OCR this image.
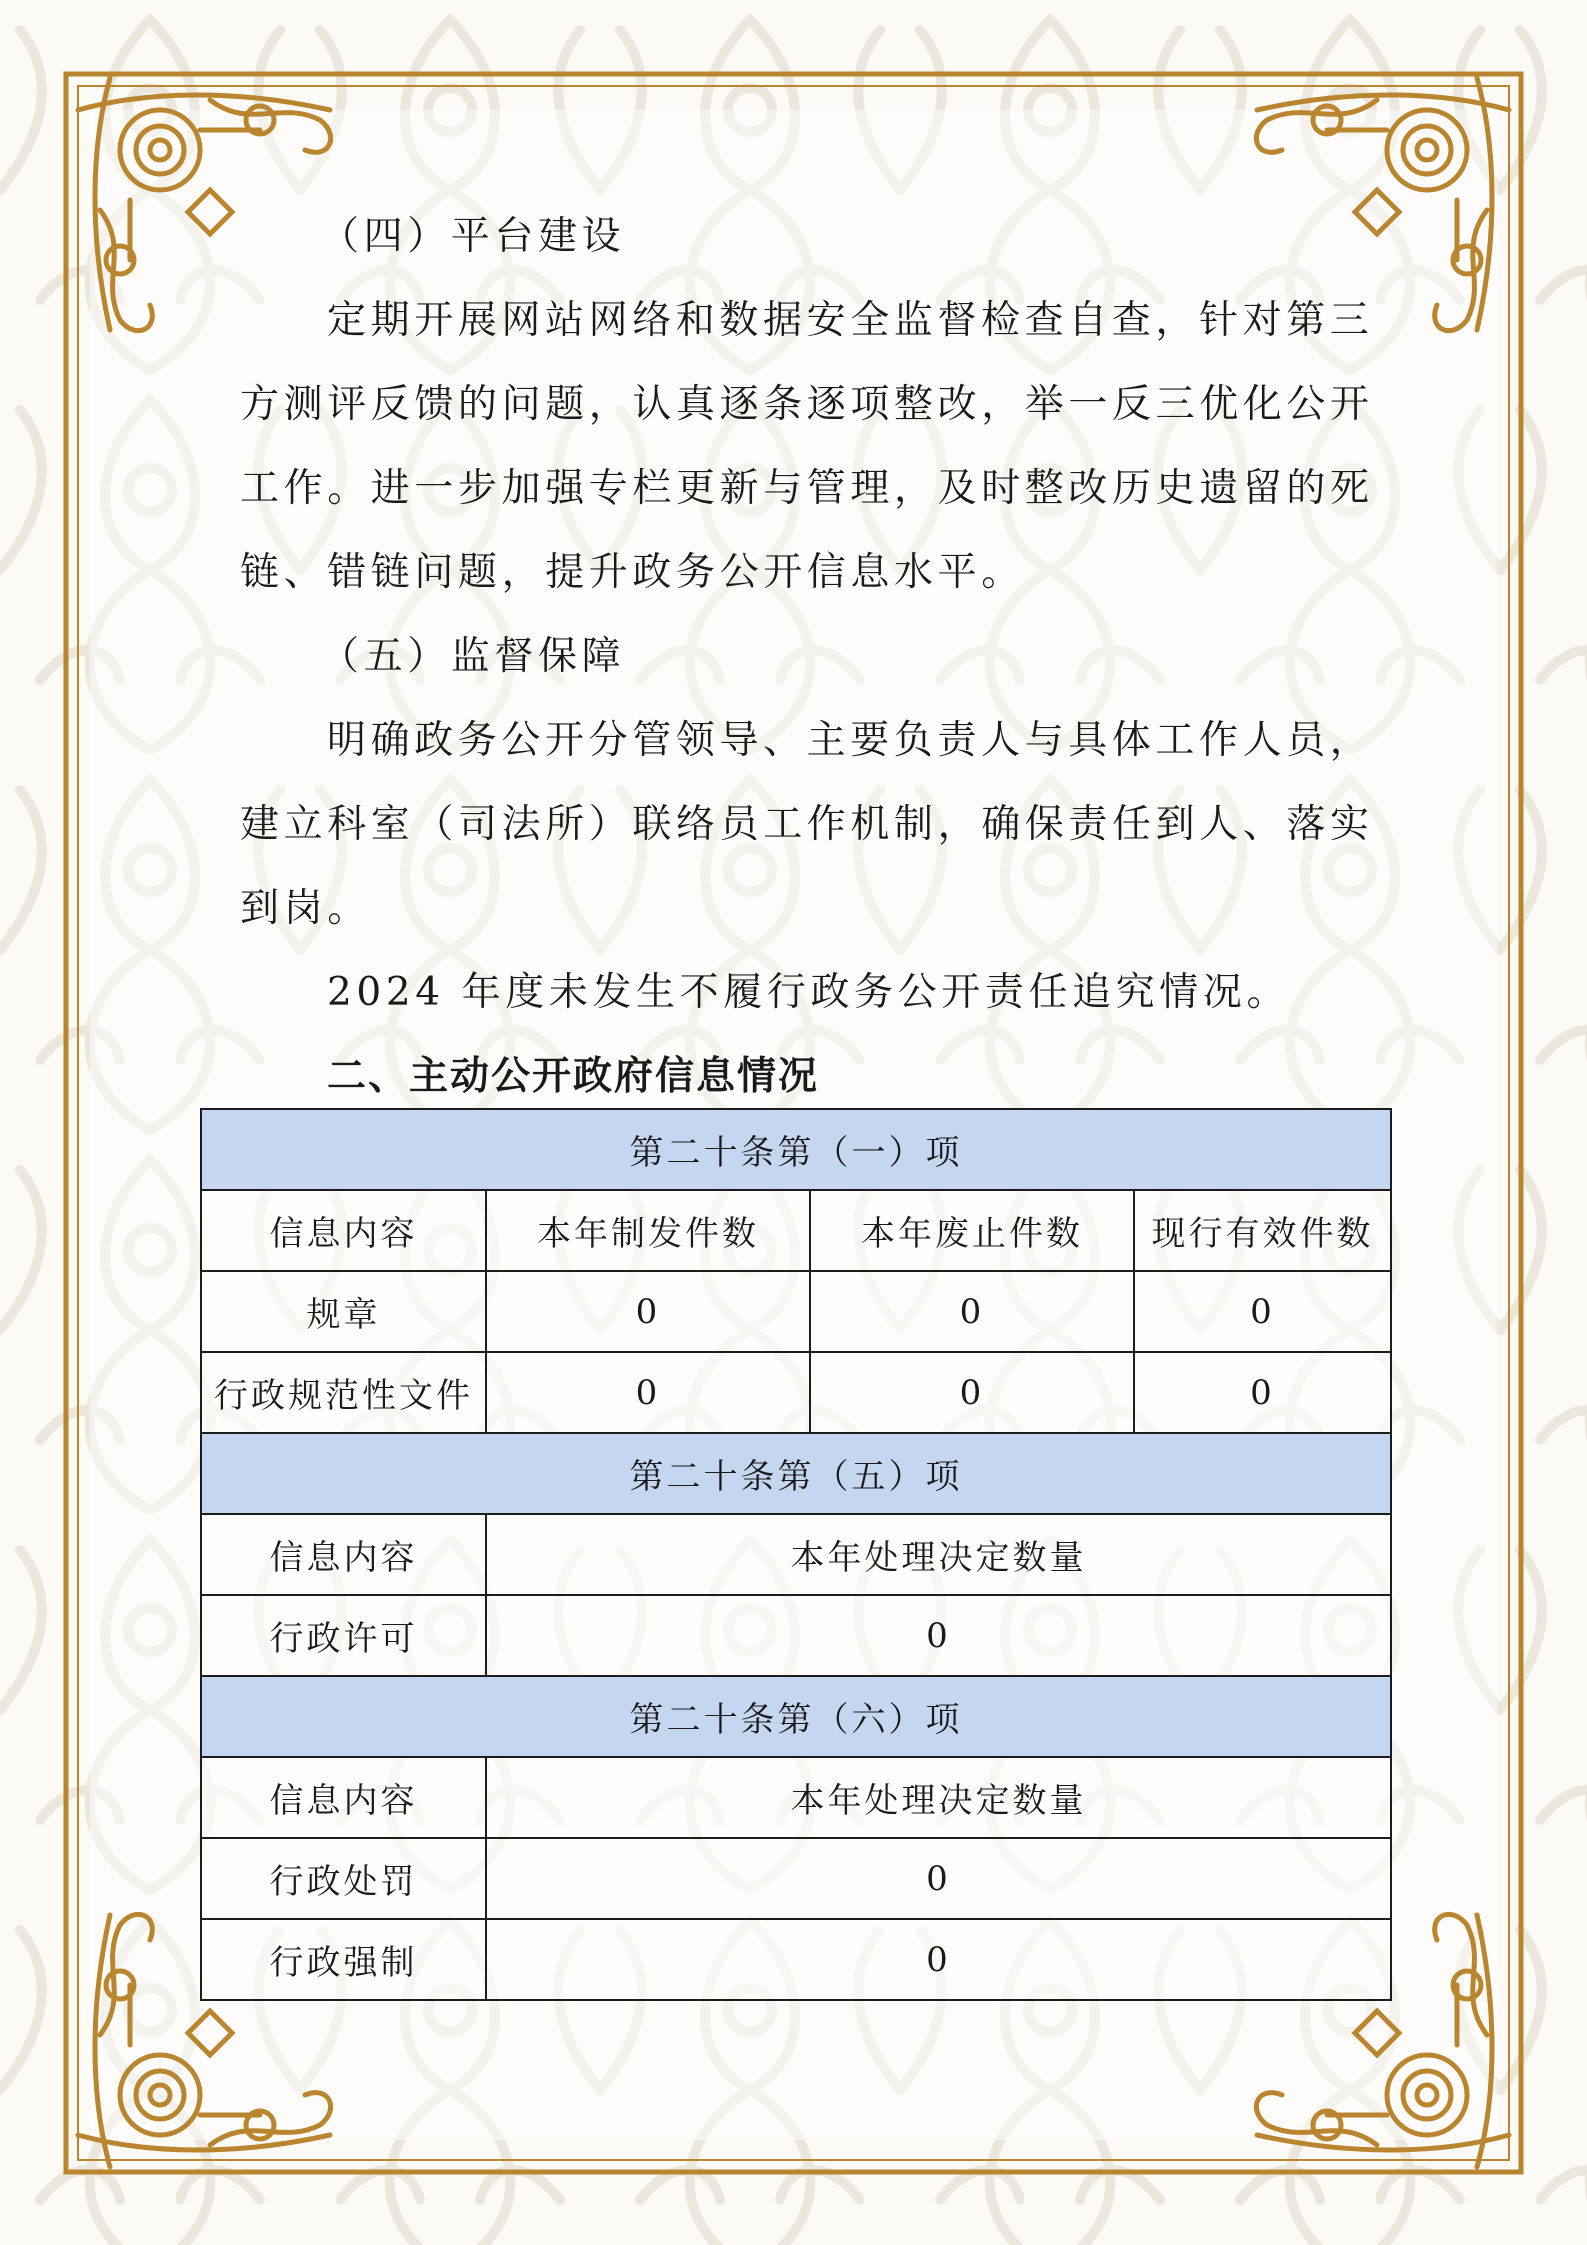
（四）平台建设

定期开展网站网络和数据安全监督检查自查，针对第三

方测评反馈的问题，认真逐条逐项整改，举一反三优化公开

工作。进一步加强专栏更新与管理，及时整改历史遗留的死

链、错链问题，提升政务公开信息水平。

（五）监督保障

明确政务公开分管领导、主要负责人与具体工作人员，

建立科室（司法所）联络员工作机制，确保责任到人、落实

到岗。

2024 年度未发生不履行政务公开责任追究情况。

二、主动公开政府信息情况

第二十条第（一）项			
信息内容	本年制发件数	本年废止件数	现行有效件数
规章	0	0	0
行政规范性文件	0	0	0
第二十条第（五）项			
信息内容	本年处理决定数量		
行政许可	0		
第二十条第（六）项			
信息内容	本年处理决定数量		
行政处罚	0		
行政强制	0		
